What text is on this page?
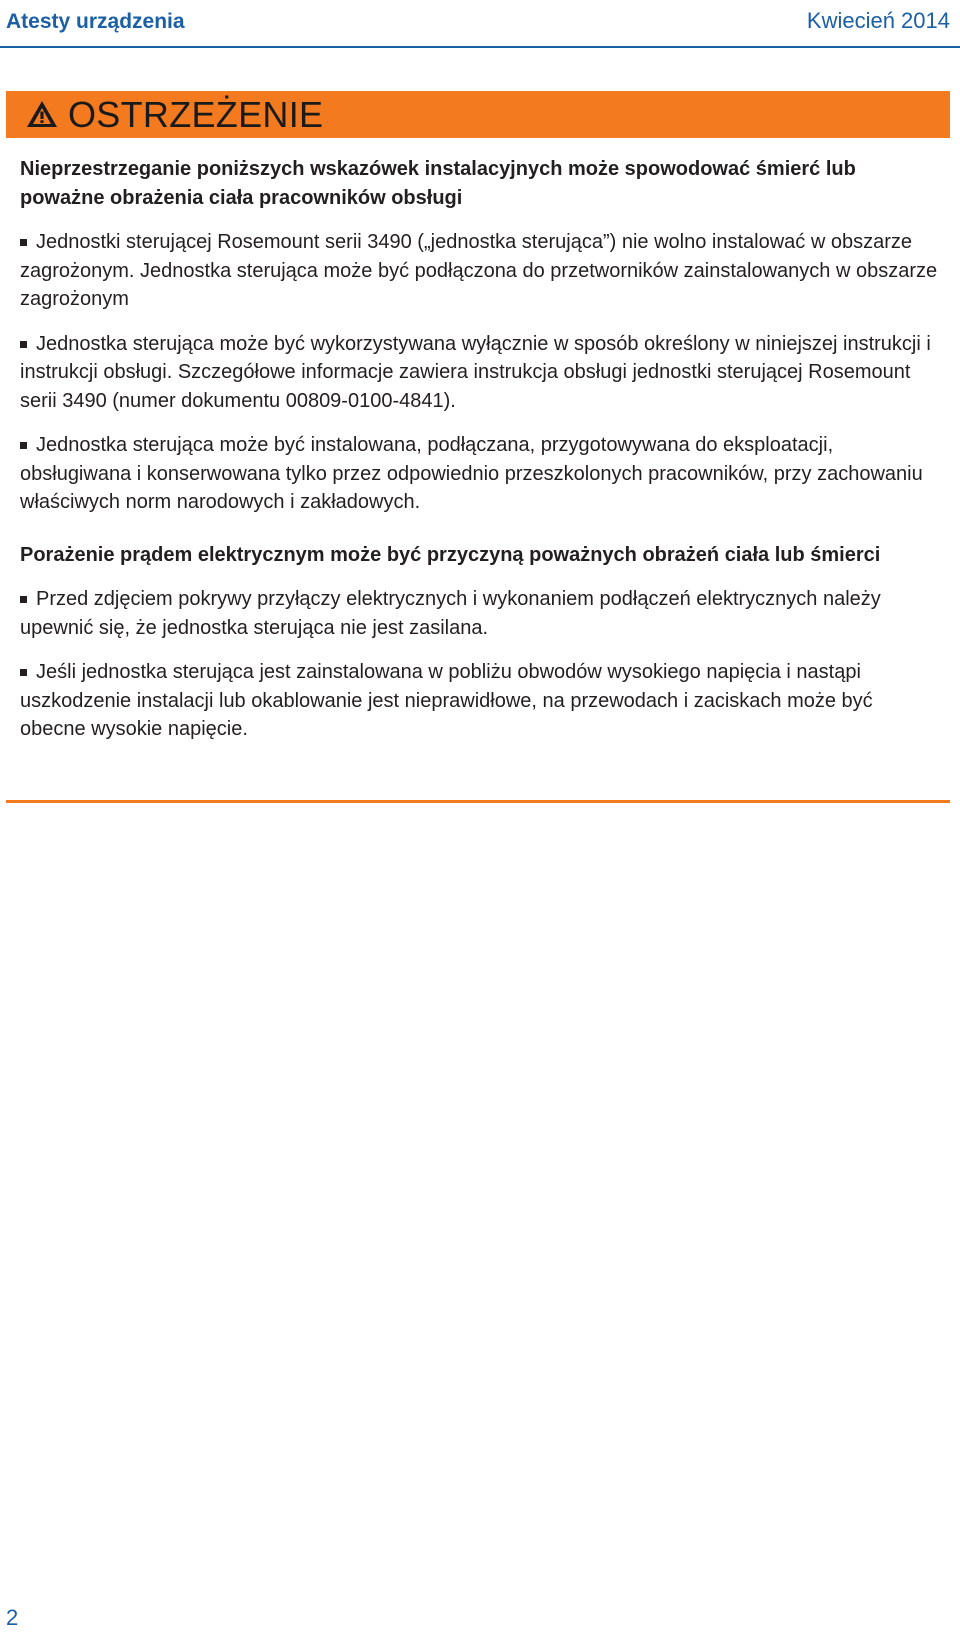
Atesty urządzenia	Kwiecień 2014
OSTRZEŻENIE

Nieprzestrzeganie poniższych wskazówek instalacyjnych może spowodować śmierć lub poważne obrażenia ciała pracowników obsługi

Jednostki sterującej Rosemount serii 3490 („jednostka sterująca”) nie wolno instalować w obszarze zagrożonym. Jednostka sterująca może być podłączona do przetworników zainstalowanych w obszarze zagrożonym
Jednostka sterująca może być wykorzystywana wyłącznie w sposób określony w niniejszej instrukcji i instrukcji obsługi. Szczegółowe informacje zawiera instrukcja obsługi jednostki sterującej Rosemount serii 3490 (numer dokumentu 00809-0100-4841).
Jednostka sterująca może być instalowana, podłączana, przygotowywana do eksploatacji, obsługiwana i konserwowana tylko przez odpowiednio przeszkolonych pracowników, przy zachowaniu właściwych norm narodowych i zakładowych.

Porażenie prądem elektrycznym może być przyczyną poważnych obrażeń ciała lub śmierci

Przed zdjęciem pokrywy przyłączy elektrycznych i wykonaniem podłączeń elektrycznych należy upewnić się, że jednostka sterująca nie jest zasilana.
Jeśli jednostka sterująca jest zainstalowana w pobliżu obwodów wysokiego napięcia i nastąpi uszkodzenie instalacji lub okablowanie jest nieprawidłowe, na przewodach i zaciskach może być obecne wysokie napięcie.
2
